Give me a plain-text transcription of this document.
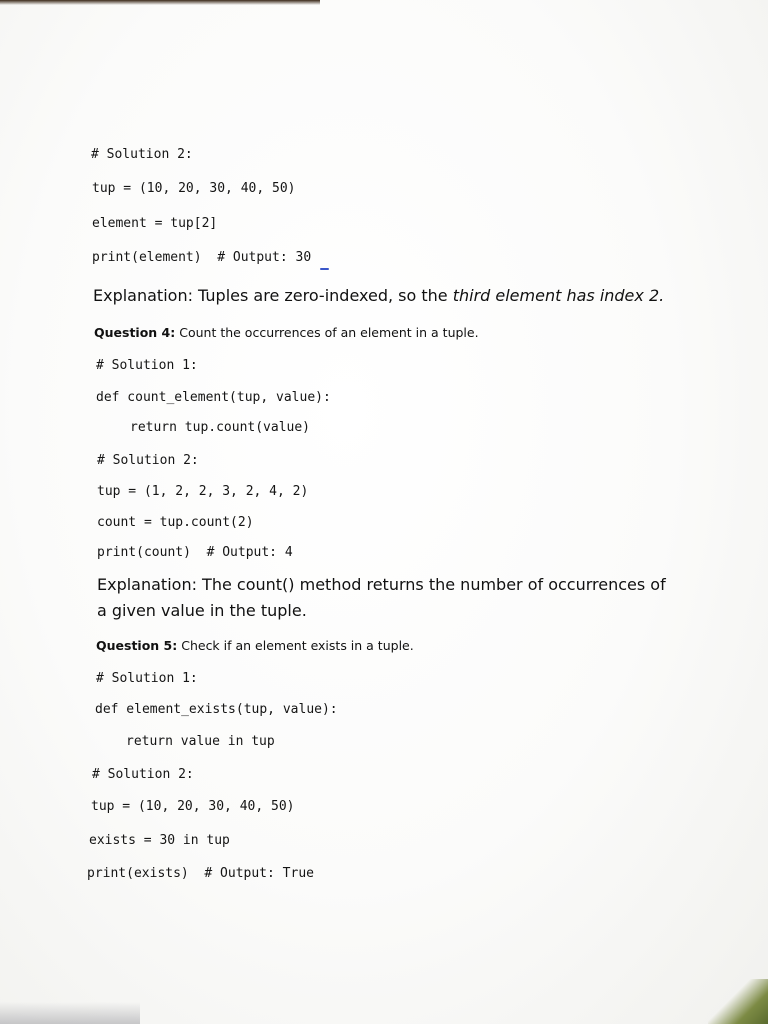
# Solution 2:
tup = (10, 20, 30, 40, 50)
element = tup[2]
print(element)  # Output: 30
Explanation: Tuples are zero-indexed, so the third element has index 2.
Question 4: Count the occurrences of an element in a tuple.
# Solution 1:
def count_element(tup, value):
return tup.count(value)
# Solution 2:
tup = (1, 2, 2, 3, 2, 4, 2)
count = tup.count(2)
print(count)  # Output: 4
Explanation: The count() method returns the number of occurrences of
a given value in the tuple.
Question 5: Check if an element exists in a tuple.
# Solution 1:
def element_exists(tup, value):
return value in tup
# Solution 2:
tup = (10, 20, 30, 40, 50)
exists = 30 in tup
print(exists)  # Output: True
